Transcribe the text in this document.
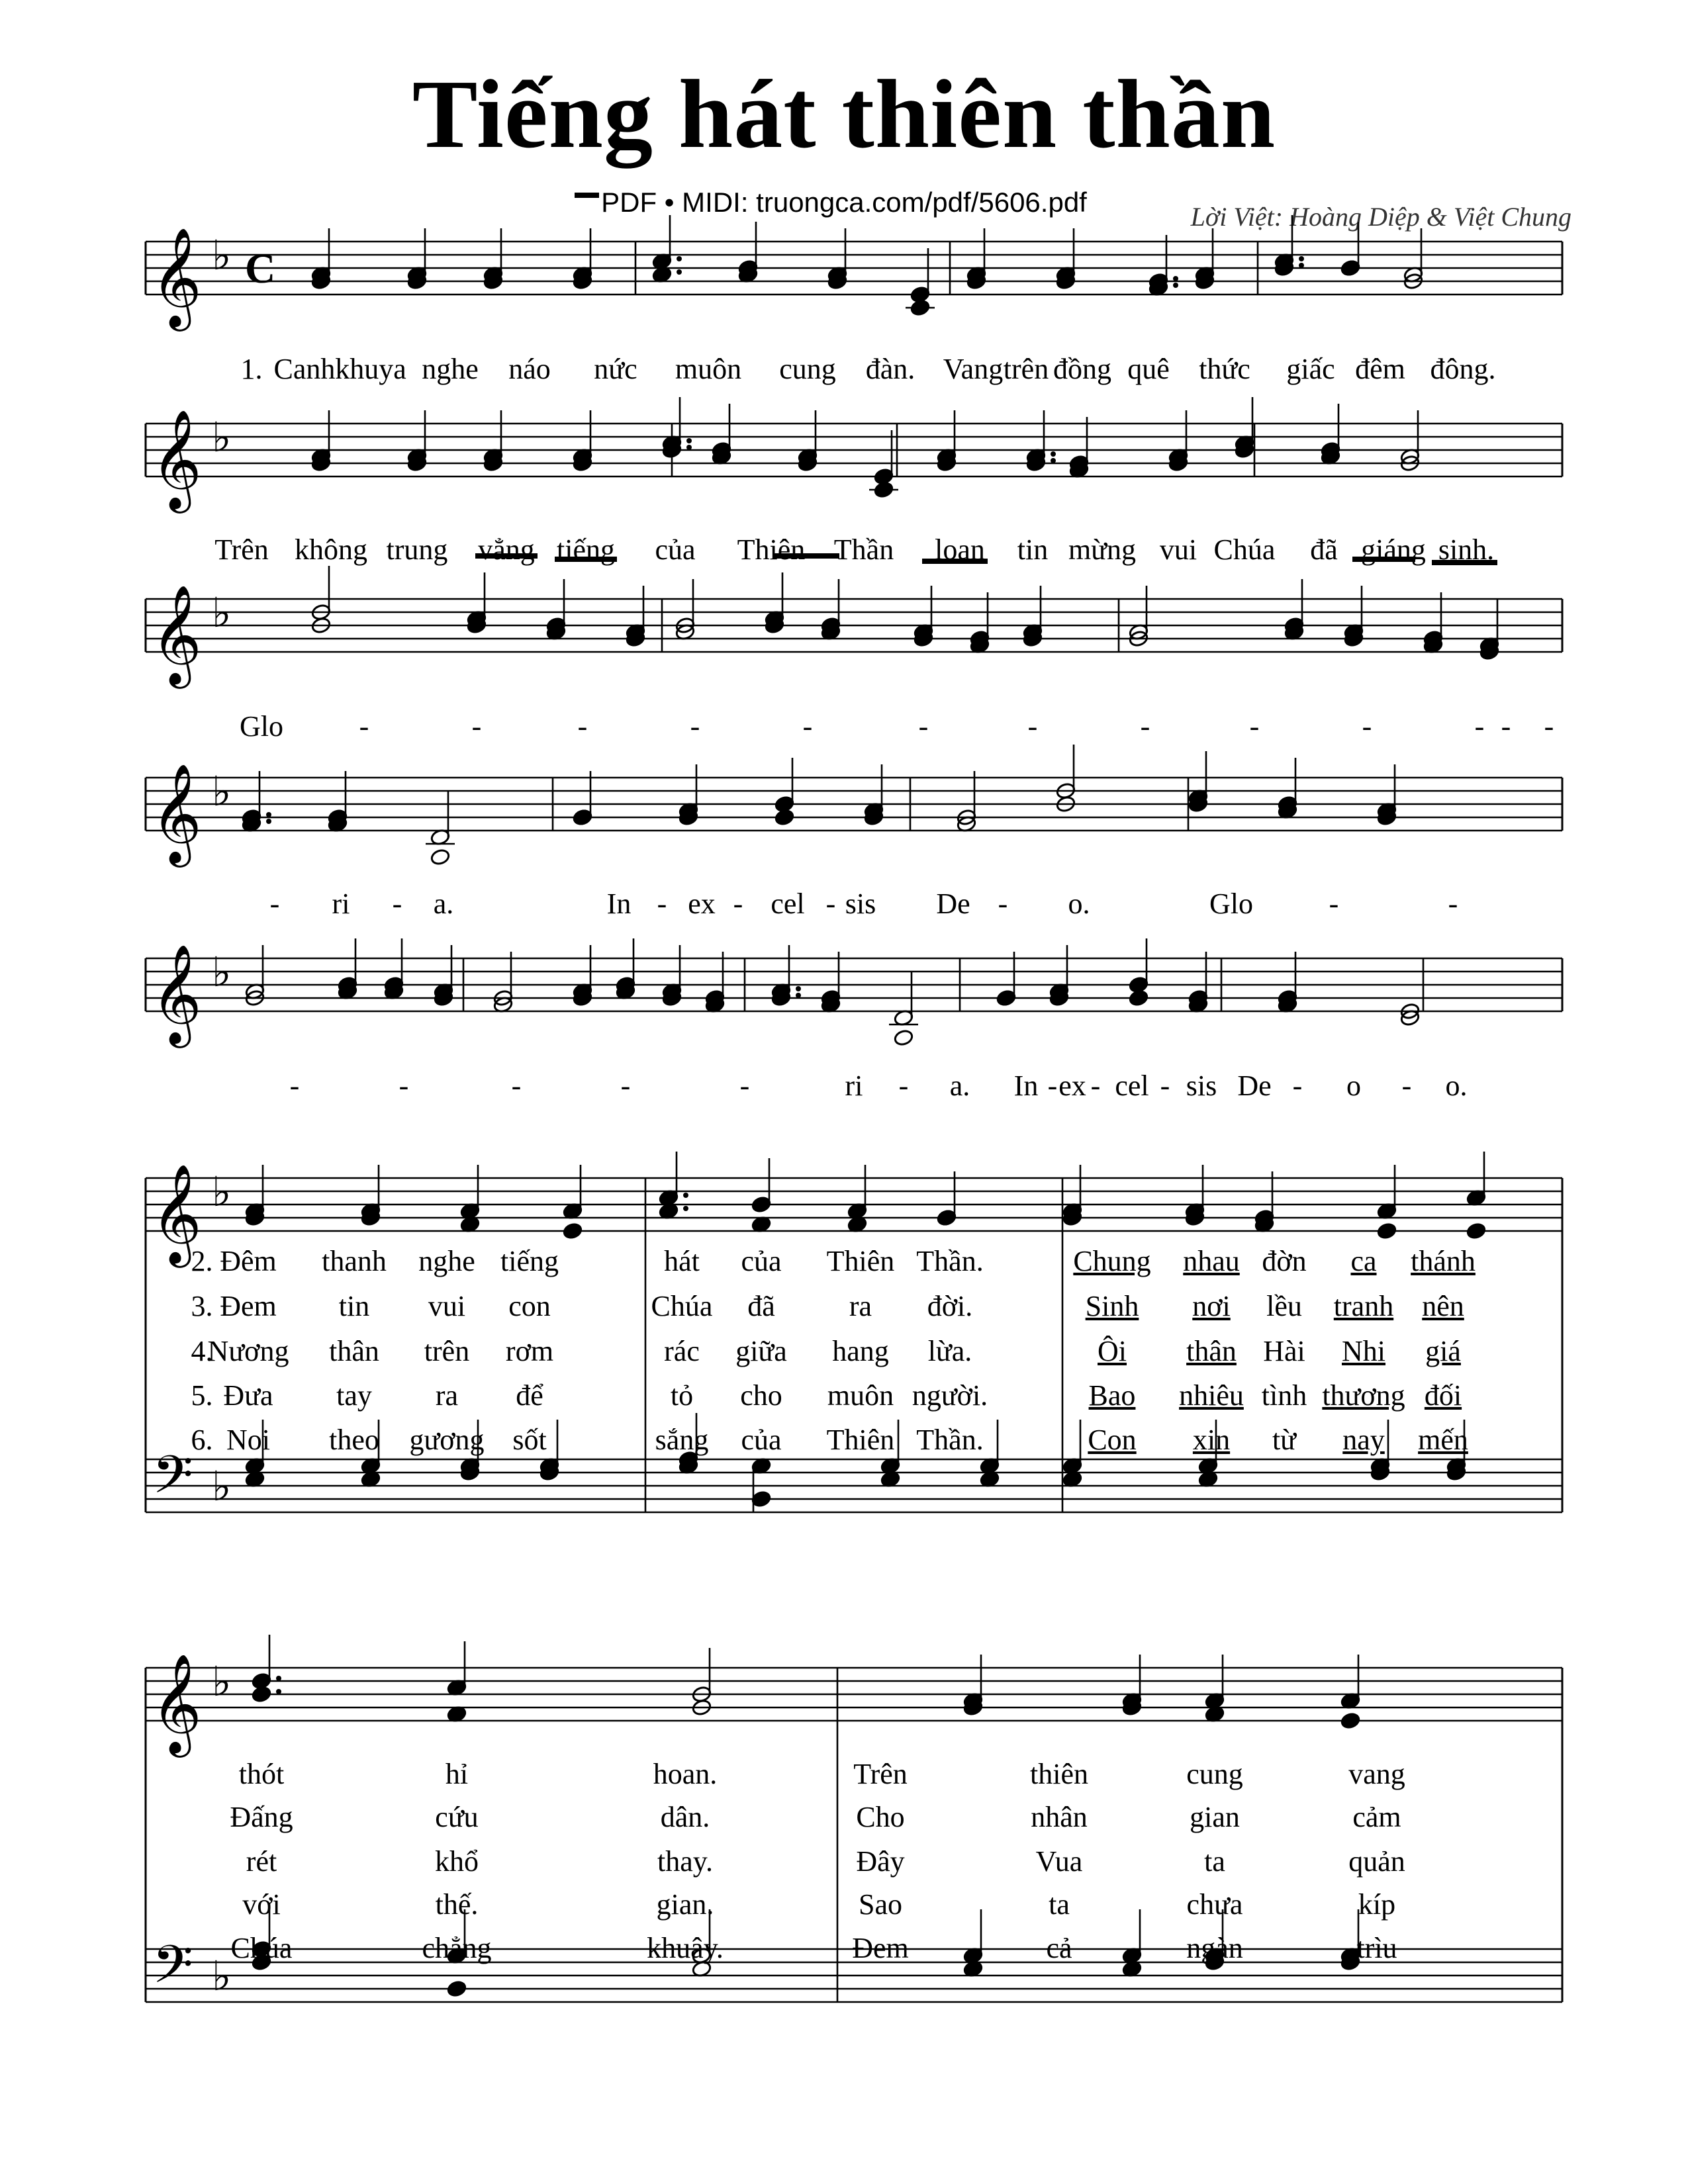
Tiếng hát thiên thần
PDF • MIDI: truongca.com/pdf/5606.pdf	Lời Việt: Hoàng Diệp & Việt Chung
𝄞 ♭
𝄞 ♭
𝄞 ♭
𝄞 ♭
𝄞 ♭
C
𝄞 ♭
𝄢 ♭
𝄞 ♭
𝄢 ♭
1. Canh khuya nghe náo nức muôn cung đàn. Vang trên đồng quê thức giấc đêm đông.
Trên không trung vẳng tiếng của Thiên Thần loan tin mừng vui Chúa đã giáng sinh.
Glo	-	-	-	-	-	-	-	-	-	-	- - -
- ri - a.	In - ex - cel - sis De - o.	Glo	-	-
-	-	-	-	-	ri - a. In - ex - cel - sis De - o - o.
2. Đêm thanh nghe tiếng	hát của Thiên Thần.	Chung nhau đờn ca thánh
3. Đem tin vui con	Chúa đã	ra đời.	Sinh nơi lều tranh nên
4.
Nương thân trên rơm	rác giữa hang lừa.	Ôi thân Hài Nhi giá
5. Đưa tay ra để	tỏ cho muôn người.	Bao nhiêu tình thương đối
6. Noi theo gương sốt	sắng của Thiên Thần.	Con xin từ nay mến
thót	hỉ	hoan.	Trên	thiên	cung	vang
Đấng	cứu	dân.	Cho	nhân	gian	cảm
rét	khổ	thay.	Đây	Vua	ta	quản
với	thế.	gian.	Sao	ta	chưa	kíp
Chúa	chẳng	khuây.	Đem	cả	ngàn	trìu
